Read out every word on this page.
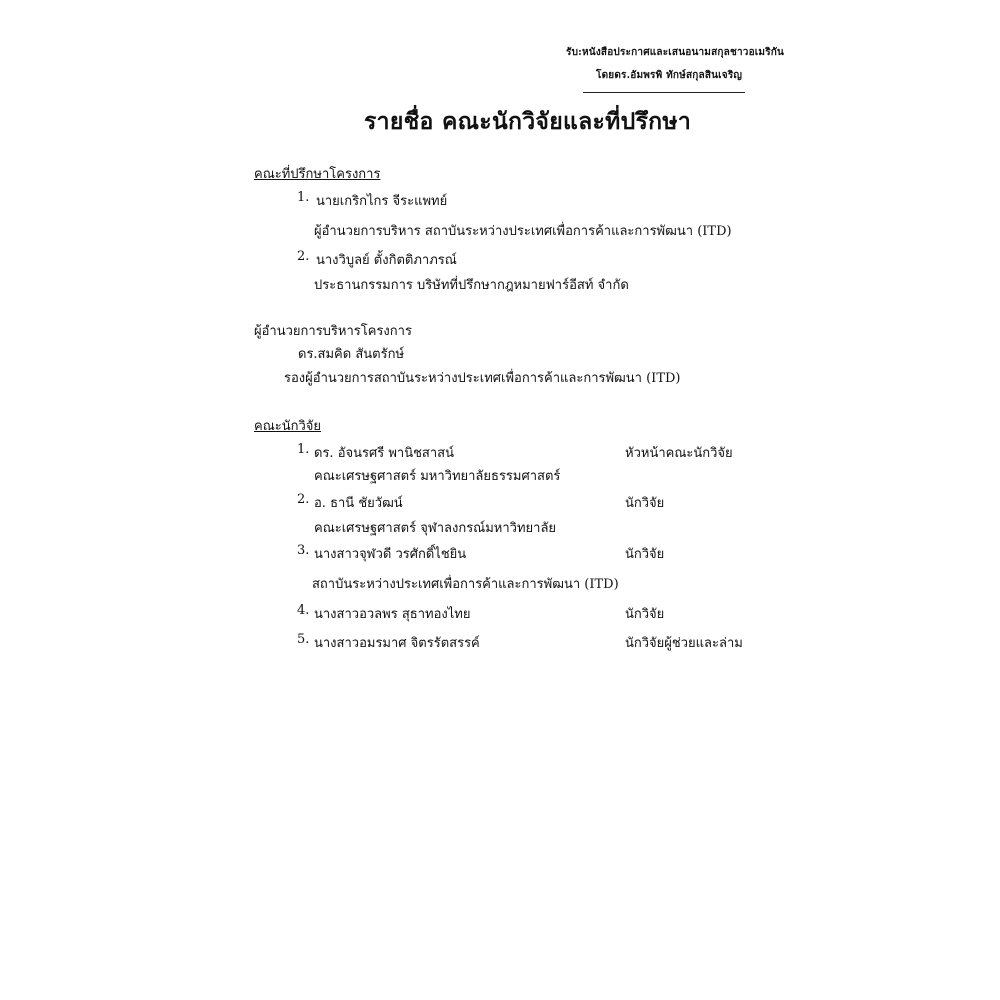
รับ:หนังสือประกาศและเสนอนามสกุลชาวอเมริกัน
โดยดร.อัมพรพิ ทักษ์สกุลสินเจริญ
รายชื่อ คณะนักวิจัยและที่ปรึกษา
คณะที่ปรึกษาโครงการ
1. นายเกริกไกร จีระแพทย์
ผู้อำนวยการบริหาร สถาบันระหว่างประเทศเพื่อการค้าและการพัฒนา (ITD)
2. นางวิบูลย์ ตั้งกิตติภาภรณ์
ประธานกรรมการ บริษัทที่ปรึกษากฎหมายฟาร์อีสท์ จำกัด
ผู้อำนวยการบริหารโครงการ
ดร.สมคิด สันตรักษ์
รองผู้อำนวยการสถาบันระหว่างประเทศเพื่อการค้าและการพัฒนา (ITD)
คณะนักวิจัย
1. ดร. อัจนรศรี พานิชสาสน์	หัวหน้าคณะนักวิจัย
คณะเศรษฐศาสตร์ มหาวิทยาลัยธรรมศาสตร์
2. อ. ธานี ชัยวัฒน์	นักวิจัย
คณะเศรษฐศาสตร์ จุฬาลงกรณ์มหาวิทยาลัย
3. นางสาวจุฬวดี วรศักดิ์ไชยิน	นักวิจัย
สถาบันระหว่างประเทศเพื่อการค้าและการพัฒนา (ITD)
4. นางสาวอวลพร สุธาทองไทย	นักวิจัย
5. นางสาวอมรมาศ จิตรรัตสรรค์	นักวิจัยผู้ช่วยและล่าม
